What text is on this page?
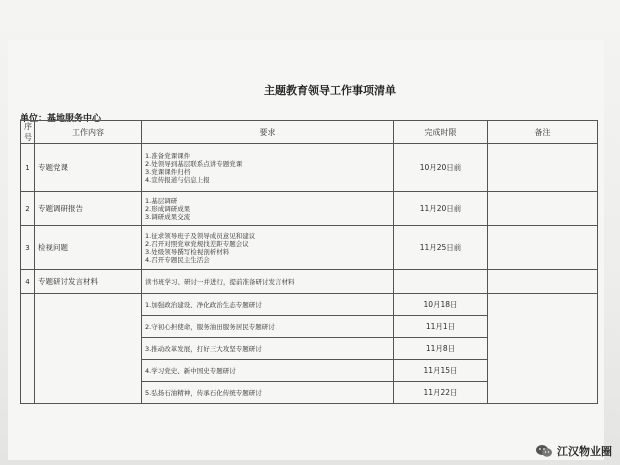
主题教育领导工作事项清单
单位：基地服务中心
序号	工作内容	要求	完成时限	备注
1	专题党课	1.准备党课课件
2.处领导到基层联系点讲专题党课
3.党课课件归档
4.宣传报道与信息上报	10月20日前	

2	专题调研报告	1.基层调研
2.形成调研成果
3.调研成果交流	11月20日前	

3	检视问题	1.征求领导班子及领导成员意见和建议
2.召开对照党章党规找差距专题会议
3.处级领导撰写检视剖析材料
4.召开专题民主生活会	11月25日前	

4	专题研讨发言材料	读书班学习、研讨一并进行，提前准备研讨发言材料		

		1.加强政治建设、净化政治生态专题研讨	10月18日	

		2.守初心担使命，服务油田服务居民专题研讨	11月1日	

		3.推动改革发展，打好三大攻坚专题研讨	11月8日	

		4.学习党史、新中国史专题研讨	11月15日	

		5.弘扬石油精神，传承石化传统专题研讨	11月22日	
江汉物业圈
